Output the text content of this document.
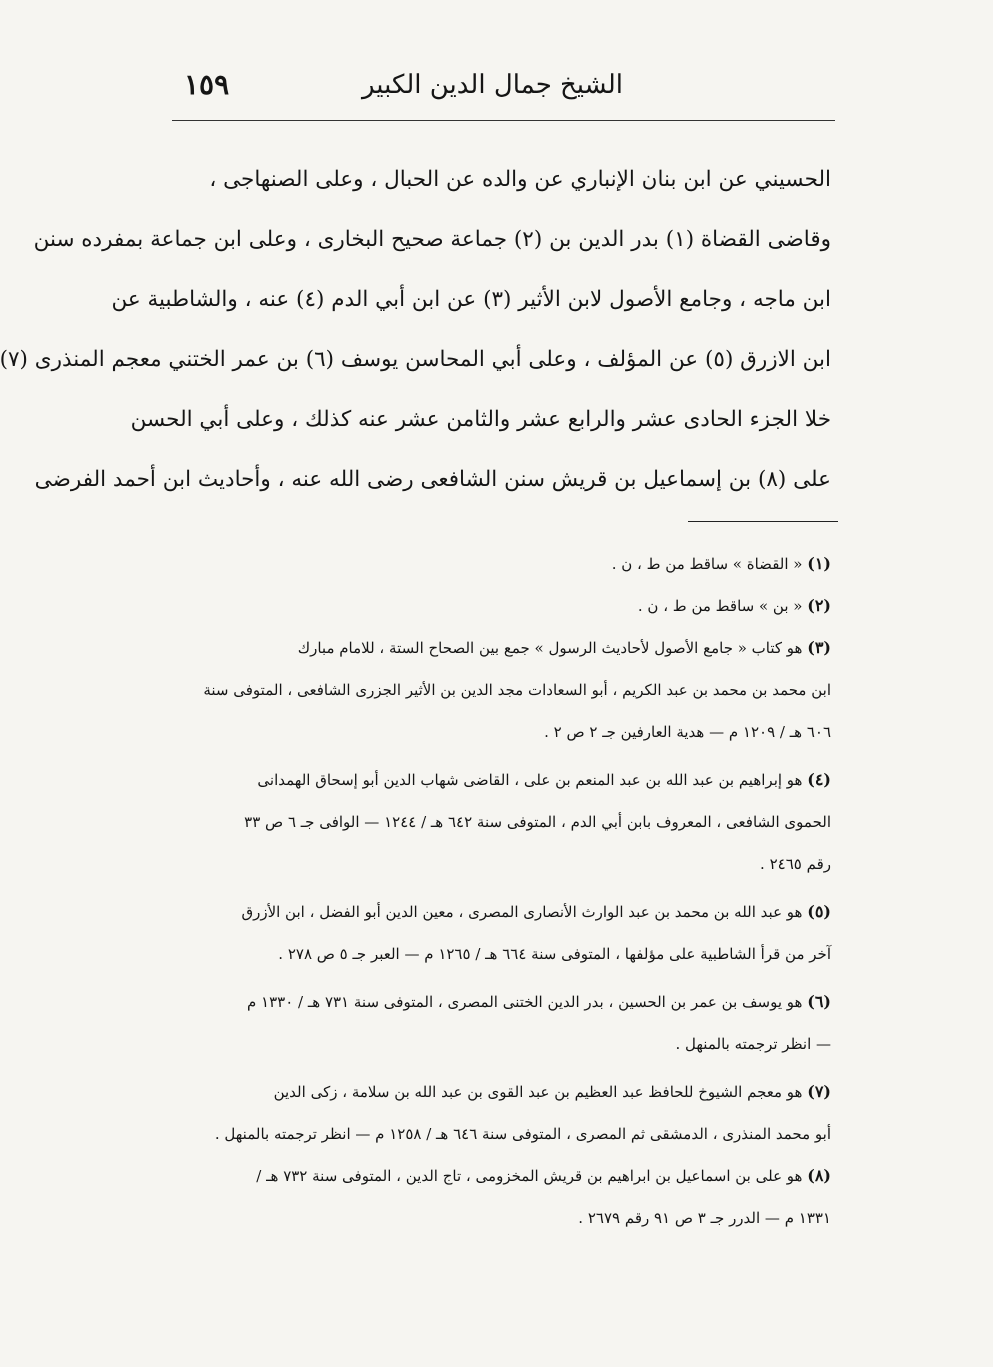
الشيخ جمال الدين الكبير
١٥٩
الحسيني عن ابن بنان الإنباري عن والده عن الحبال ، وعلى الصنهاجى ،
وقاضى القضاة (١) بدر الدين بن (٢) جماعة صحيح البخارى ، وعلى ابن جماعة بمفرده سنن
ابن ماجه ، وجامع الأصول لابن الأثير (٣) عن ابن أبي الدم (٤) عنه ، والشاطبية عن
ابن الازرق (٥) عن المؤلف ، وعلى أبي المحاسن يوسف (٦) بن عمر الختني معجم المنذرى (٧)
خلا الجزء الحادى عشر والرابع عشر والثامن عشر عنه كذلك ، وعلى أبي الحسن
على (٨) بن إسماعيل بن قريش سنن الشافعى رضى الله عنه ، وأحاديث ابن أحمد الفرضى
(١) « القضاة » ساقط من ط ، ن .
(٢) « بن » ساقط من ط ، ن .
(٣) هو كتاب « جامع الأصول لأحاديث الرسول » جمع بين الصحاح الستة ، للامام مبارك
ابن محمد بن محمد بن عبد الكريم ، أبو السعادات مجد الدين بن الأثير الجزرى الشافعى ، المتوفى سنة
٦٠٦ هـ / ١٢٠٩ م — هدية العارفين جـ ٢ ص ٢ .
(٤) هو إبراهيم بن عبد الله بن عبد المنعم بن على ، القاضى شهاب الدين أبو إسحاق الهمدانى
الحموى الشافعى ، المعروف بابن أبي الدم ، المتوفى سنة ٦٤٢ هـ / ١٢٤٤ — الوافى جـ ٦ ص ٣٣
رقم ٢٤٦٥ .
(٥) هو عبد الله بن محمد بن عبد الوارث الأنصارى المصرى ، معين الدين أبو الفضل ، ابن الأزرق
آخر من قرأ الشاطبية على مؤلفها ، المتوفى سنة ٦٦٤ هـ / ١٢٦٥ م — العبر جـ ٥ ص ٢٧٨ .
(٦) هو يوسف بن عمر بن الحسين ، بدر الدين الختنى المصرى ، المتوفى سنة ٧٣١ هـ / ١٣٣٠ م
— انظر ترجمته بالمنهل .
(٧) هو معجم الشيوخ للحافظ عبد العظيم بن عبد القوى بن عبد الله بن سلامة ، زكى الدين
أبو محمد المنذرى ، الدمشقى ثم المصرى ، المتوفى سنة ٦٤٦ هـ / ١٢٥٨ م — انظر ترجمته بالمنهل .
(٨) هو على بن اسماعيل بن ابراهيم بن قريش المخزومى ، تاج الدين ، المتوفى سنة ٧٣٢ هـ /
١٣٣١ م — الدرر جـ ٣ ص ٩١ رقم ٢٦٧٩ .
